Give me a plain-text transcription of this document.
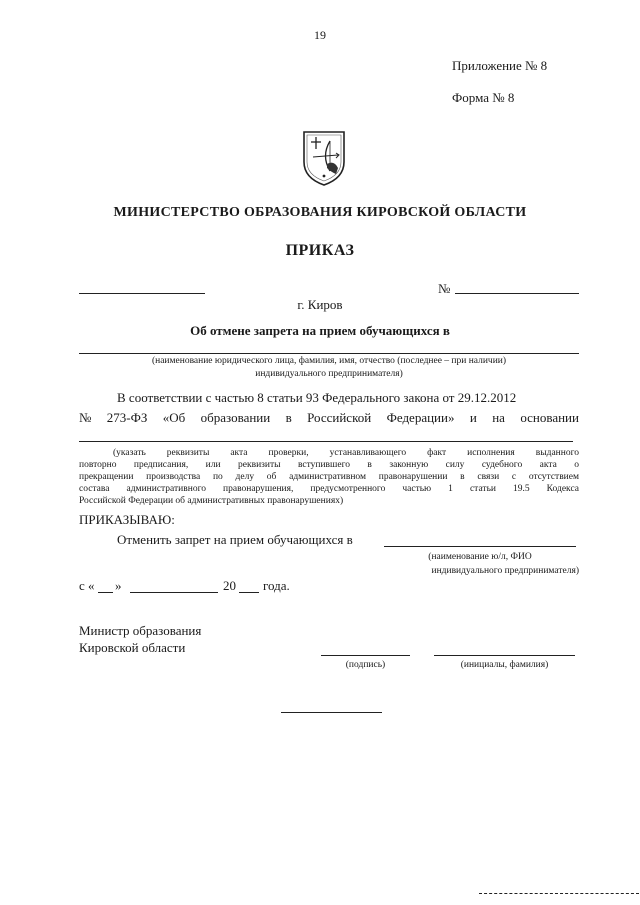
19
Приложение № 8
Форма № 8
МИНИСТЕРСТВО ОБРАЗОВАНИЯ КИРОВСКОЙ ОБЛАСТИ
ПРИКАЗ
№
г. Киров
Об отмене запрета на прием обучающихся в
(наименование юридического лица, фамилия, имя, отчество (последнее – при наличии)
индивидуального предпринимателя)
В соответствии с частью 8 статьи 93 Федерального закона от 29.12.2012
№ 273-ФЗ «Об образовании в Российской Федерации» и на основании
(указать реквизиты акта проверки, устанавливающего факт исполнения выданного
повторно предписания, или реквизиты вступившего в законную силу судебного акта о
прекращении производства по делу об административном правонарушении в связи с отсутствием
состава административного правонарушения, предусмотренного частью 1 статьи 19.5 Кодекса
Российской Федерации об административных правонарушениях)
ПРИКАЗЫВАЮ:
Отменить запрет на прием обучающихся в
(наименование ю/л, ФИО
индивидуального предпринимателя)
с « »	20 года.
Министр образования
Кировской области
(подпись)	(инициалы, фамилия)
